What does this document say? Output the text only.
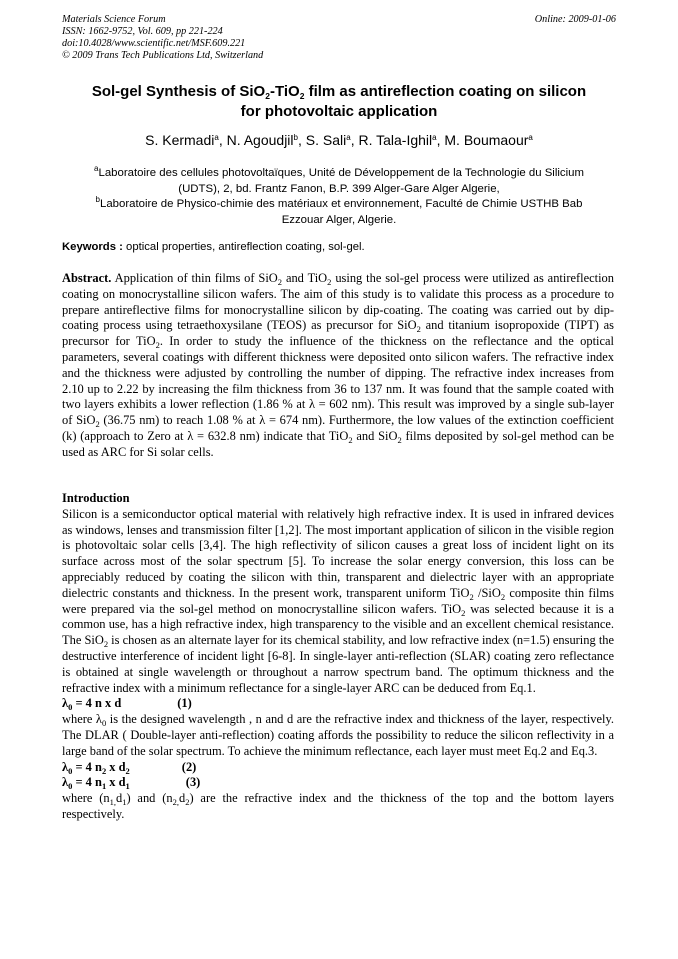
Materials Science Forum
ISSN: 1662-9752, Vol. 609, pp 221-224
doi:10.4028/www.scientific.net/MSF.609.221
© 2009 Trans Tech Publications Ltd, Switzerland
Online: 2009-01-06
Sol-gel Synthesis of SiO$_2$-TiO$_2$ film as antireflection coating on silicon
for photovoltaic application
S. Kermadi$^a$, N. Agoudjil$^b$, S. Sali$^a$, R. Tala-Ighil$^a$, M. Boumaour$^a$
$^a$Laboratoire des cellules photovoltaïques, Unité de Développement de la Technologie du Silicium
(UDTS), 2, bd. Frantz Fanon, B.P. 399 Alger-Gare Alger Algerie,
$^b$Laboratoire de Physico-chimie des matériaux et environnement, Faculté de Chimie USTHB Bab
Ezzouar Alger, Algerie.
Keywords : optical properties, antireflection coating, sol-gel.
Abstract. Application of thin films of SiO$_2$ and TiO$_2$ using the sol-gel process were utilized as antireflection coating on monocrystalline silicon wafers. The aim of this study is to validate this process as a procedure to prepare antireflective films for monocrystalline silicon by dip-coating. The coating was carried out by dip-coating process using tetraethoxysilane (TEOS) as precursor for SiO$_2$ and titanium isopropoxide (TIPT) as precursor for TiO$_2$. In order to study the influence of the thickness on the reflectance and the optical parameters, several coatings with different thickness were deposited onto silicon wafers. The refractive index and the thickness were adjusted by controlling the number of dipping. The refractive index increases from 2.10 up to 2.22 by increasing the film thickness from 36 to 137 nm. It was found that the sample coated with two layers exhibits a lower reflection (1.86 % at λ = 602 nm). This result was improved by a single sub-layer of SiO$_2$ (36.75 nm) to reach 1.08 % at λ = 674 nm). Furthermore, the low values of the extinction coefficient (k) (approach to Zero at λ = 632.8 nm) indicate that TiO$_2$ and SiO$_2$ films deposited by sol-gel method can be used as ARC for Si solar cells.
Introduction

Silicon is a semiconductor optical material with relatively high refractive index. It is used in infrared devices as windows, lenses and transmission filter [1,2]. The most important application of silicon in the visible region is photovoltaic solar cells [3,4]. The high reflectivity of silicon causes a great loss of incident light on its surface across most of the solar spectrum [5]. To increase the solar energy conversion, this loss can be appreciably reduced by coating the silicon with thin, transparent and dielectric layer with an appropriate dielectric constants and thickness. In the present work, transparent uniform TiO$_2$ /SiO$_2$ composite thin films were prepared via the sol-gel method on monocrystalline silicon wafers. TiO$_2$ was selected because it is a common use, has a high refractive index, high transparency to the visible and an excellent chemical resistance. The SiO$_2$ is chosen as an alternate layer for its chemical stability, and low refractive index (n=1.5) ensuring the destructive interference of incident light [6-8]. In single-layer anti-reflection (SLAR) coating zero reflectance is obtained at single wavelength or throughout a narrow spectrum band. The optimum thickness and the refractive index with a minimum reflectance for a single-layer ARC can be deduced from Eq.1.

$\lambda_0 = 4$ n x d	(1)

where $\lambda_0$ is the designed wavelength , n and d are the refractive index and thickness of the layer, respectively. The DLAR ( Double-layer anti-reflection) coating affords the possibility to reduce the silicon reflectivity in a large band of the solar spectrum. To achieve the minimum reflectance, each layer must meet Eq.2 and Eq.3.

$\lambda_0 = 4$ $n_2$ x $d_2$	(2)
$\lambda_0 = 4$ $n_1$ x $d_1$	(3)

where $(n_{1,}d_1)$ and $(n_{2,}d_2)$ are the refractive index and the thickness of the top and the bottom layers respectively.
